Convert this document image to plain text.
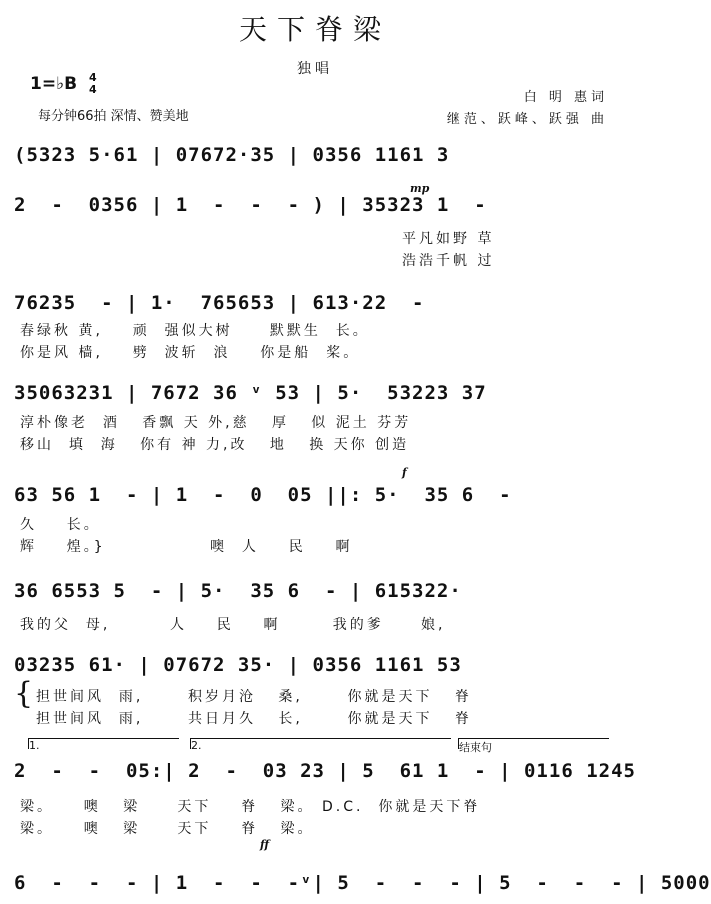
天下脊梁
独唱
1=♭B 4
4
每分钟66拍 深情、赞美地
白 明 惠词
继范、跃峰、跃强 曲
(5323 5·61 | 07672·35 | 0356 1161 3
mp
2  -  0356 | 1  -  -  - ) | 35323 1  -
平凡如野 草
浩浩千帆 过
76235  - | 1·  765653 | 613·22  -
春绿秋 黄,    顽  强似大树     默默生  长。
你是风 樯,    劈  波斩  浪    你是船  桨。
35063231 | 7672 36 ᵛ 53 | 5·  53223 37
淳朴像老  酒   香飘 天 外,慈   厚   似 泥土 芬芳
移山  填  海   你有 神 力,改   地   换 天你 创造
f
63 56 1  - | 1  -  0  05 ||: 5·  35 6  -
久    长。
辉    煌。}              噢  人    民    啊
36 6553 5  - | 5·  35 6  - | 615322·
我的父  母,        人    民    啊       我的爹     娘,
03235 61· | 07672 35· | 0356 1161 53
{ 担世间风  雨,      积岁月沧   桑,      你就是天下   脊
担世间风  雨,      共日月久   长,      你就是天下   脊
1.	2.	结束句
2  -  -  05:| 2  -  03 23 | 5  61 1  - | 0116 1245
梁。    噢   梁     天下    脊   梁。 D.C.  你就是天下脊
梁。    噢   梁     天下    脊   梁。
ff
6  -  -  - | 1  -  -  -ᵛ| 5  -  -  - | 5  -  -  - | 5000
